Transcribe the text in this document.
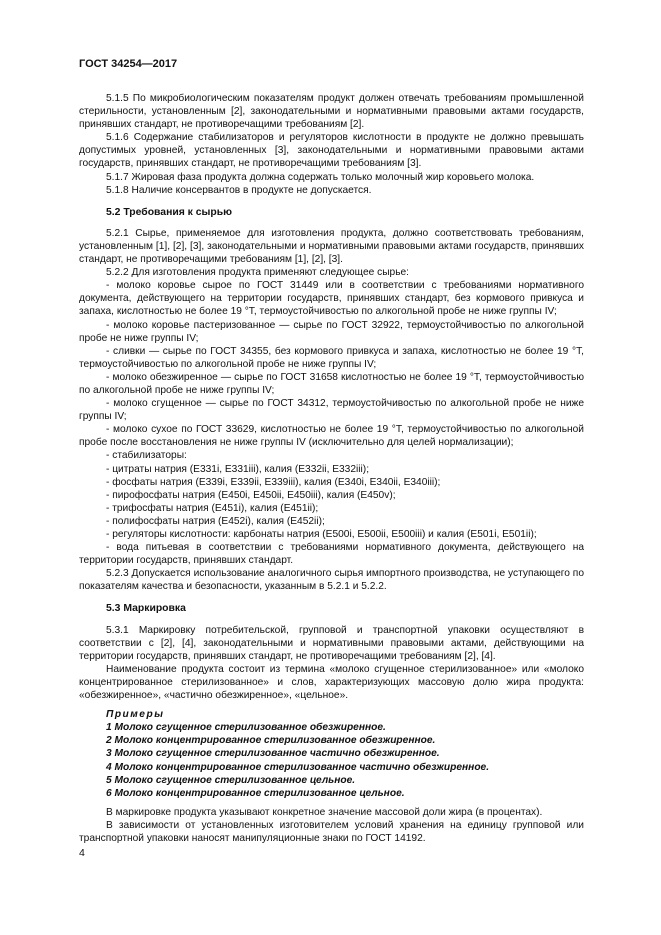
ГОСТ 34254—2017

5.1.5 По микробиологическим показателям продукт должен отвечать требованиям промышленной стерильности, установленным [2], законодательными и нормативными правовыми актами государств, принявших стандарт, не противоречащими требованиям [2].

5.1.6 Содержание стабилизаторов и регуляторов кислотности в продукте не должно превышать допустимых уровней, установленных [3], законодательными и нормативными правовыми актами государств, принявших стандарт, не противоречащими требованиям [3].

5.1.7 Жировая фаза продукта должна содержать только молочный жир коровьего молока.

5.1.8 Наличие консервантов в продукте не допускается.

5.2 Требования к сырью

5.2.1 Сырье, применяемое для изготовления продукта, должно соответствовать требованиям, установленным [1], [2], [3], законодательными и нормативными правовыми актами государств, принявших стандарт, не противоречащими требованиям [1], [2], [3].

5.2.2 Для изготовления продукта применяют следующее сырье:

- молоко коровье сырое по ГОСТ 31449 или в соответствии с требованиями нормативного документа, действующего на территории государств, принявших стандарт, без кормового привкуса и запаха, кислотностью не более 19 °Т, термоустойчивостью по алкогольной пробе не ниже группы IV;

- молоко коровье пастеризованное — сырье по ГОСТ 32922, термоустойчивостью по алкогольной пробе не ниже группы IV;

- сливки — сырье по ГОСТ 34355, без кормового привкуса и запаха, кислотностью не более 19 °Т, термоустойчивостью по алкогольной пробе не ниже группы IV;

- молоко обезжиренное — сырье по ГОСТ 31658 кислотностью не более 19 °Т, термоустойчивостью по алкогольной пробе не ниже группы IV;

- молоко сгущенное — сырье по ГОСТ 34312, термоустойчивостью по алкогольной пробе не ниже группы IV;

- молоко сухое по ГОСТ 33629, кислотностью не более 19 °Т, термоустойчивостью по алкогольной пробе после восстановления не ниже группы IV (исключительно для целей нормализации);

- стабилизаторы:

- цитраты натрия (Е331i, Е331iii), калия (Е332ii, Е332iii);

- фосфаты натрия (Е339i, Е339ii, Е339iii), калия (Е340i, Е340ii, Е340iii);

- пирофосфаты натрия (Е450i, Е450ii, Е450iii), калия (Е450v);

- трифосфаты натрия (Е451i), калия (Е451ii);

- полифосфаты натрия (Е452i), калия (Е452ii);

- регуляторы кислотности: карбонаты натрия (Е500i, Е500ii, Е500iii) и калия (Е501i, Е501ii);

- вода питьевая в соответствии с требованиями нормативного документа, действующего на территории государств, принявших стандарт.

5.2.3 Допускается использование аналогичного сырья импортного производства, не уступающего по показателям качества и безопасности, указанным в 5.2.1 и 5.2.2.

5.3 Маркировка

5.3.1 Маркировку потребительской, групповой и транспортной упаковки осуществляют в соответствии с [2], [4], законодательными и нормативными правовыми актами, действующими на территории государств, принявших стандарт, не противоречащими требованиям [2], [4].

Наименование продукта состоит из термина «молоко сгущенное стерилизованное» или «молоко концентрированное стерилизованное» и слов, характеризующих массовую долю жира продукта: «обезжиренное», «частично обезжиренное», «цельное».

Примеры
1 Молоко сгущенное стерилизованное обезжиренное.
2 Молоко концентрированное стерилизованное обезжиренное.
3 Молоко сгущенное стерилизованное частично обезжиренное.
4 Молоко концентрированное стерилизованное частично обезжиренное.
5 Молоко сгущенное стерилизованное цельное.
6 Молоко концентрированное стерилизованное цельное.

В маркировке продукта указывают конкретное значение массовой доли жира (в процентах).

В зависимости от установленных изготовителем условий хранения на единицу групповой или транспортной упаковки наносят манипуляционные знаки по ГОСТ 14192.

4
